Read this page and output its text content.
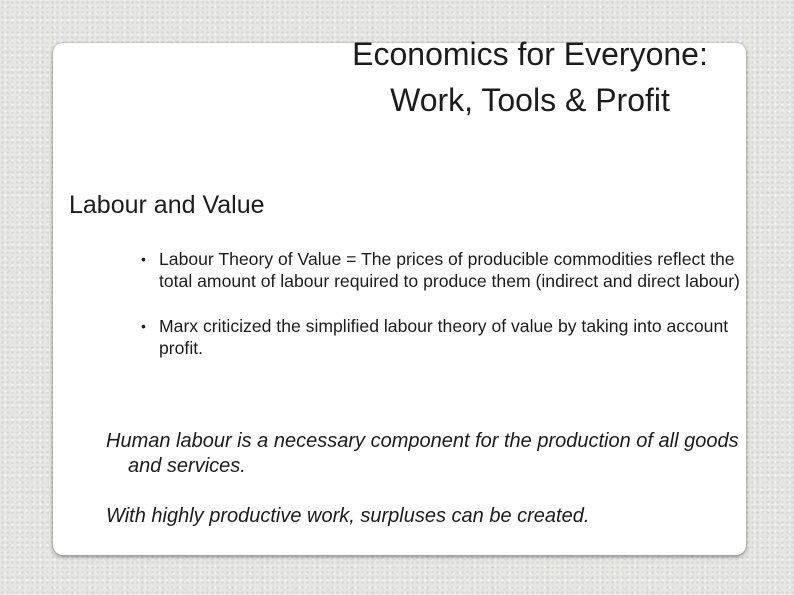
Economics for Everyone:
Work, Tools & Profit
Labour and Value
• Labour Theory of Value = The prices of producible commodities reflect the total amount of labour required to produce them (indirect and direct labour)
• Marx criticized the simplified labour theory of value by taking into account profit.

Human labour is a necessary component for the production of all goods and services.

With highly productive work, surpluses can be created.
